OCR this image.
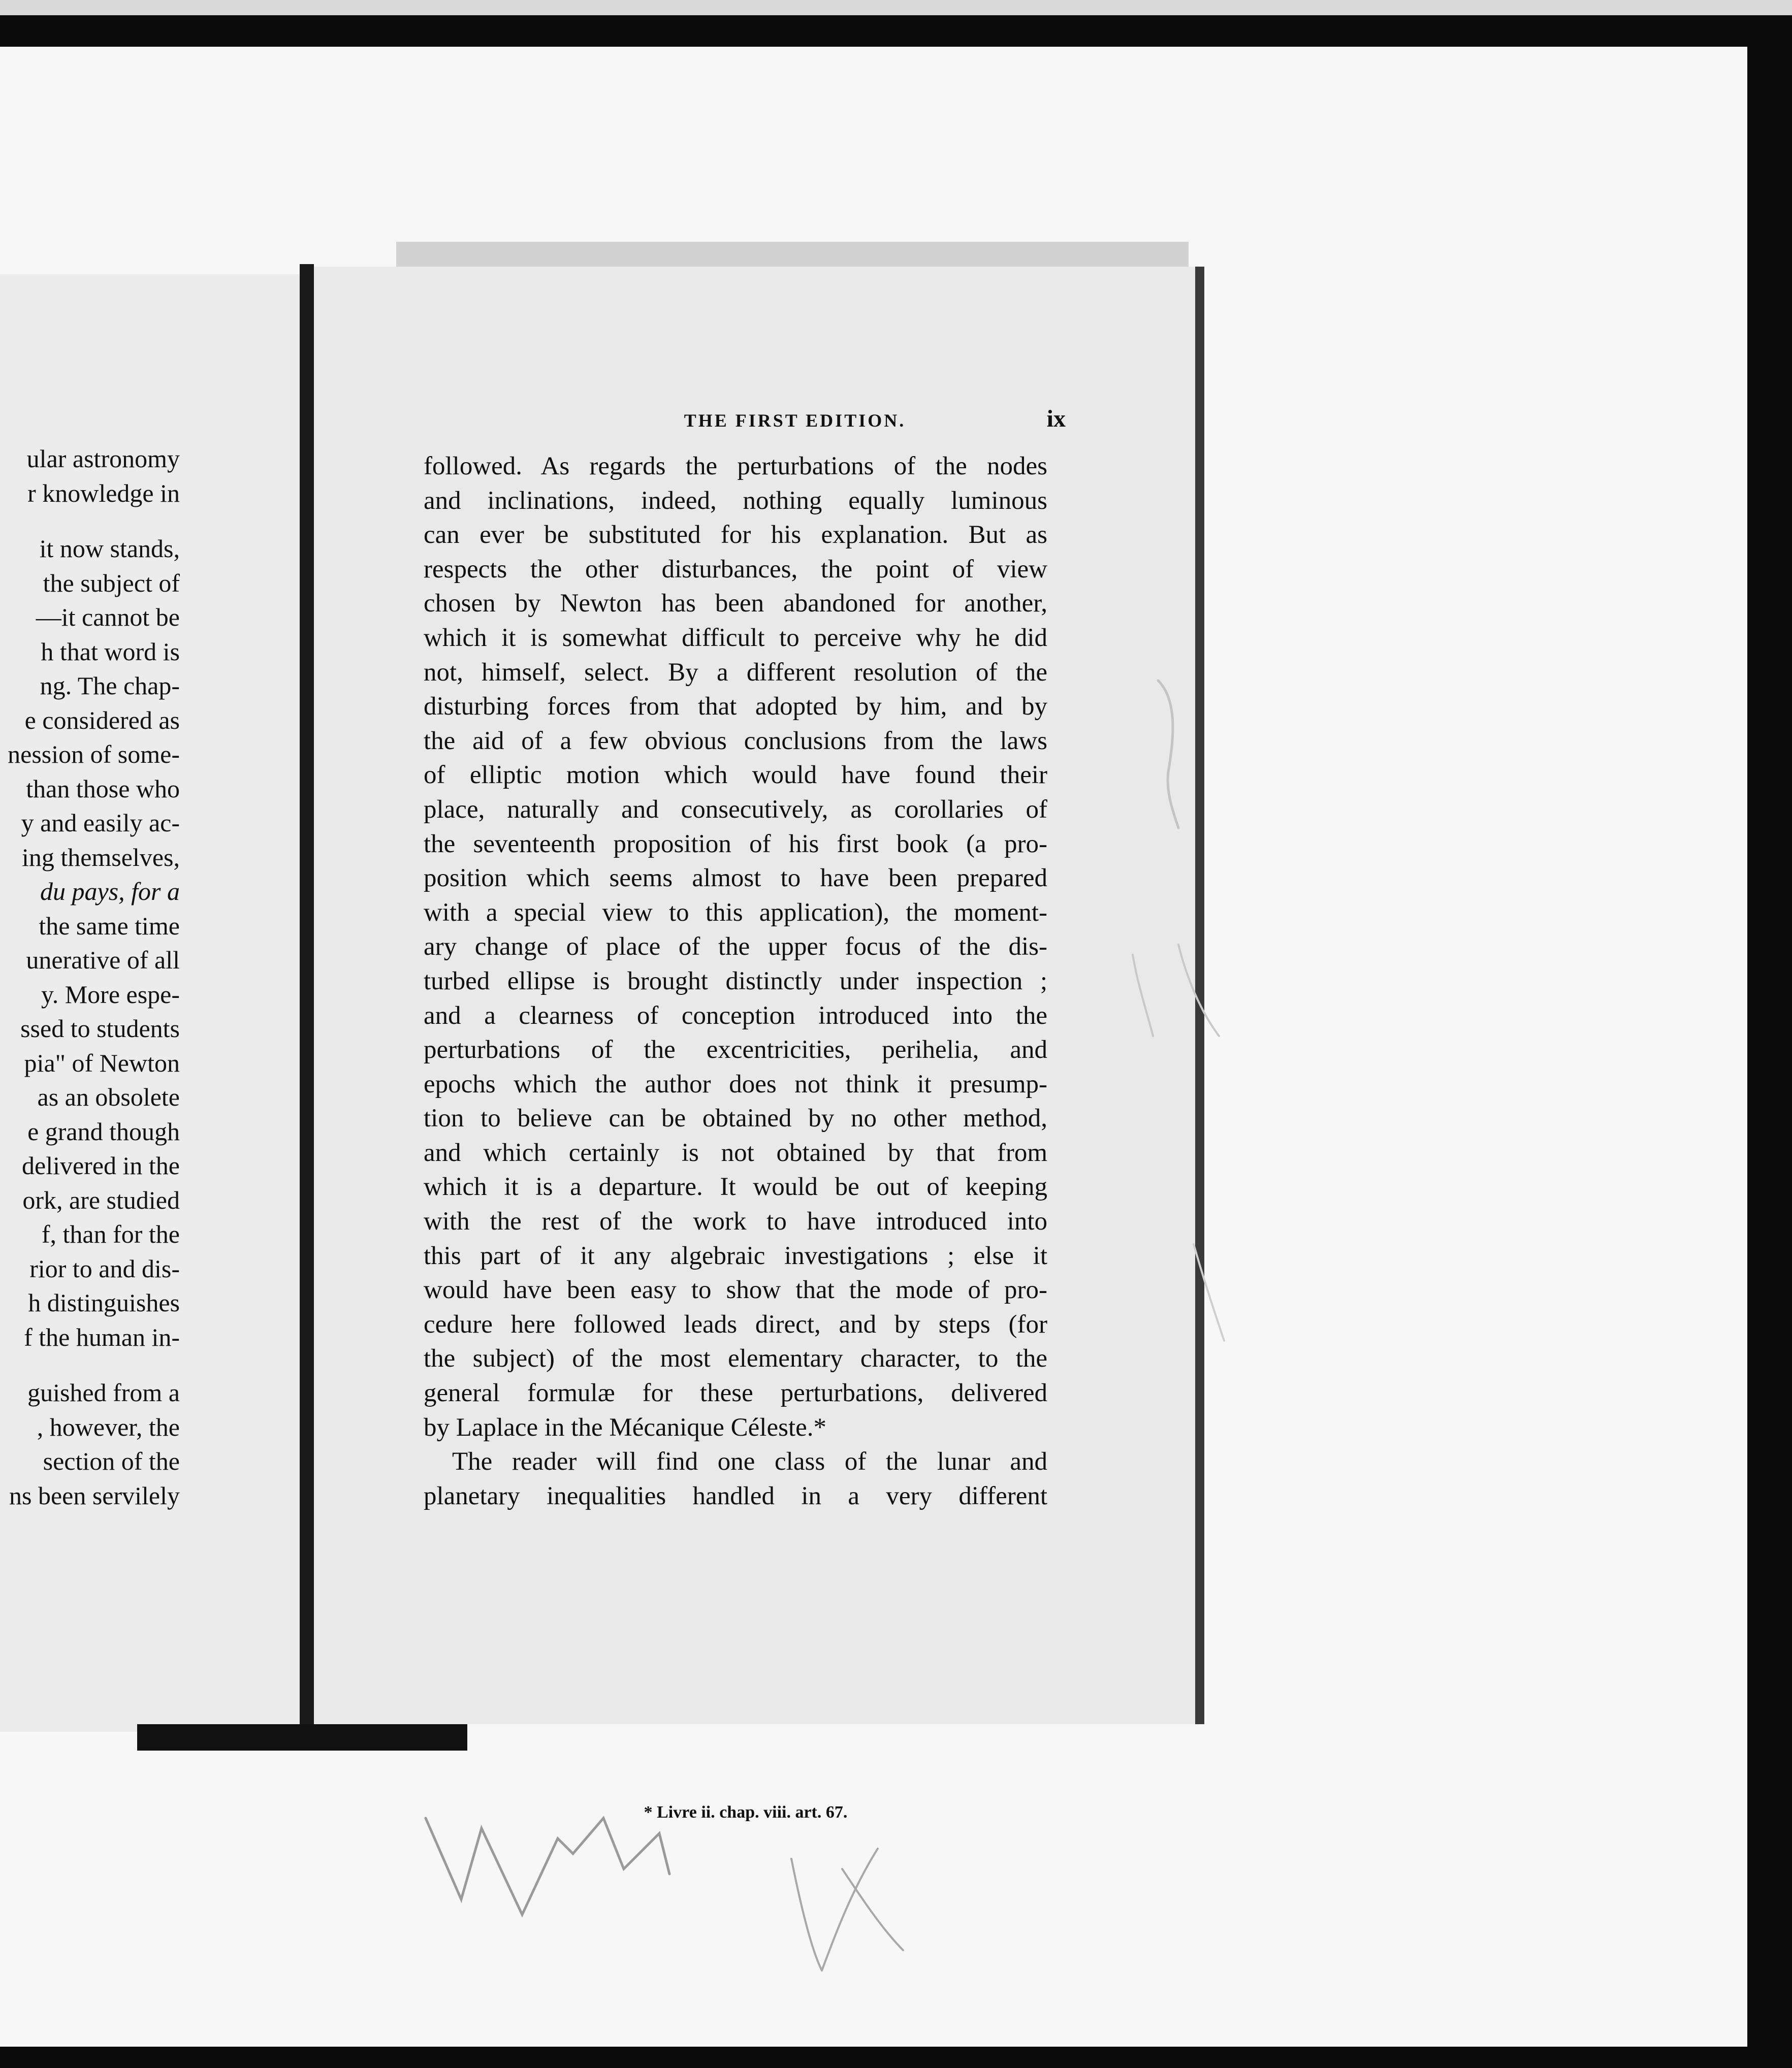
ular astronomy
r knowledge in
it now stands,
the subject of
—it cannot be
h that word is
ng. The chap-
e considered as
nession of some-
than those who
y and easily ac-
ing themselves,
du pays, for a
the same time
unerative of all
y. More espe-
ssed to students
pia" of Newton
as an obsolete
e grand though
delivered in the
ork, are studied
f, than for the
rior to and dis-
h distinguishes
f the human in-
guished from a
, however, the
section of the
ns been servilely
THE FIRST EDITION.	ix
followed. As regards the perturbations of the nodes
and inclinations, indeed, nothing equally luminous
can ever be substituted for his explanation. But as
respects the other disturbances, the point of view
chosen by Newton has been abandoned for another,
which it is somewhat difficult to perceive why he did
not, himself, select. By a different resolution of the
disturbing forces from that adopted by him, and by
the aid of a few obvious conclusions from the laws
of elliptic motion which would have found their
place, naturally and consecutively, as corollaries of
the seventeenth proposition of his first book (a pro-
position which seems almost to have been prepared
with a special view to this application), the moment-
ary change of place of the upper focus of the dis-
turbed ellipse is brought distinctly under inspection ;
and a clearness of conception introduced into the
perturbations of the excentricities, perihelia, and
epochs which the author does not think it presump-
tion to believe can be obtained by no other method,
and which certainly is not obtained by that from
which it is a departure. It would be out of keeping
with the rest of the work to have introduced into
this part of it any algebraic investigations ; else it
would have been easy to show that the mode of pro-
cedure here followed leads direct, and by steps (for
the subject) of the most elementary character, to the
general formulæ for these perturbations, delivered
by Laplace in the Mécanique Céleste.*
The reader will find one class of the lunar and
planetary inequalities handled in a very different
* Livre ii. chap. viii. art. 67.
